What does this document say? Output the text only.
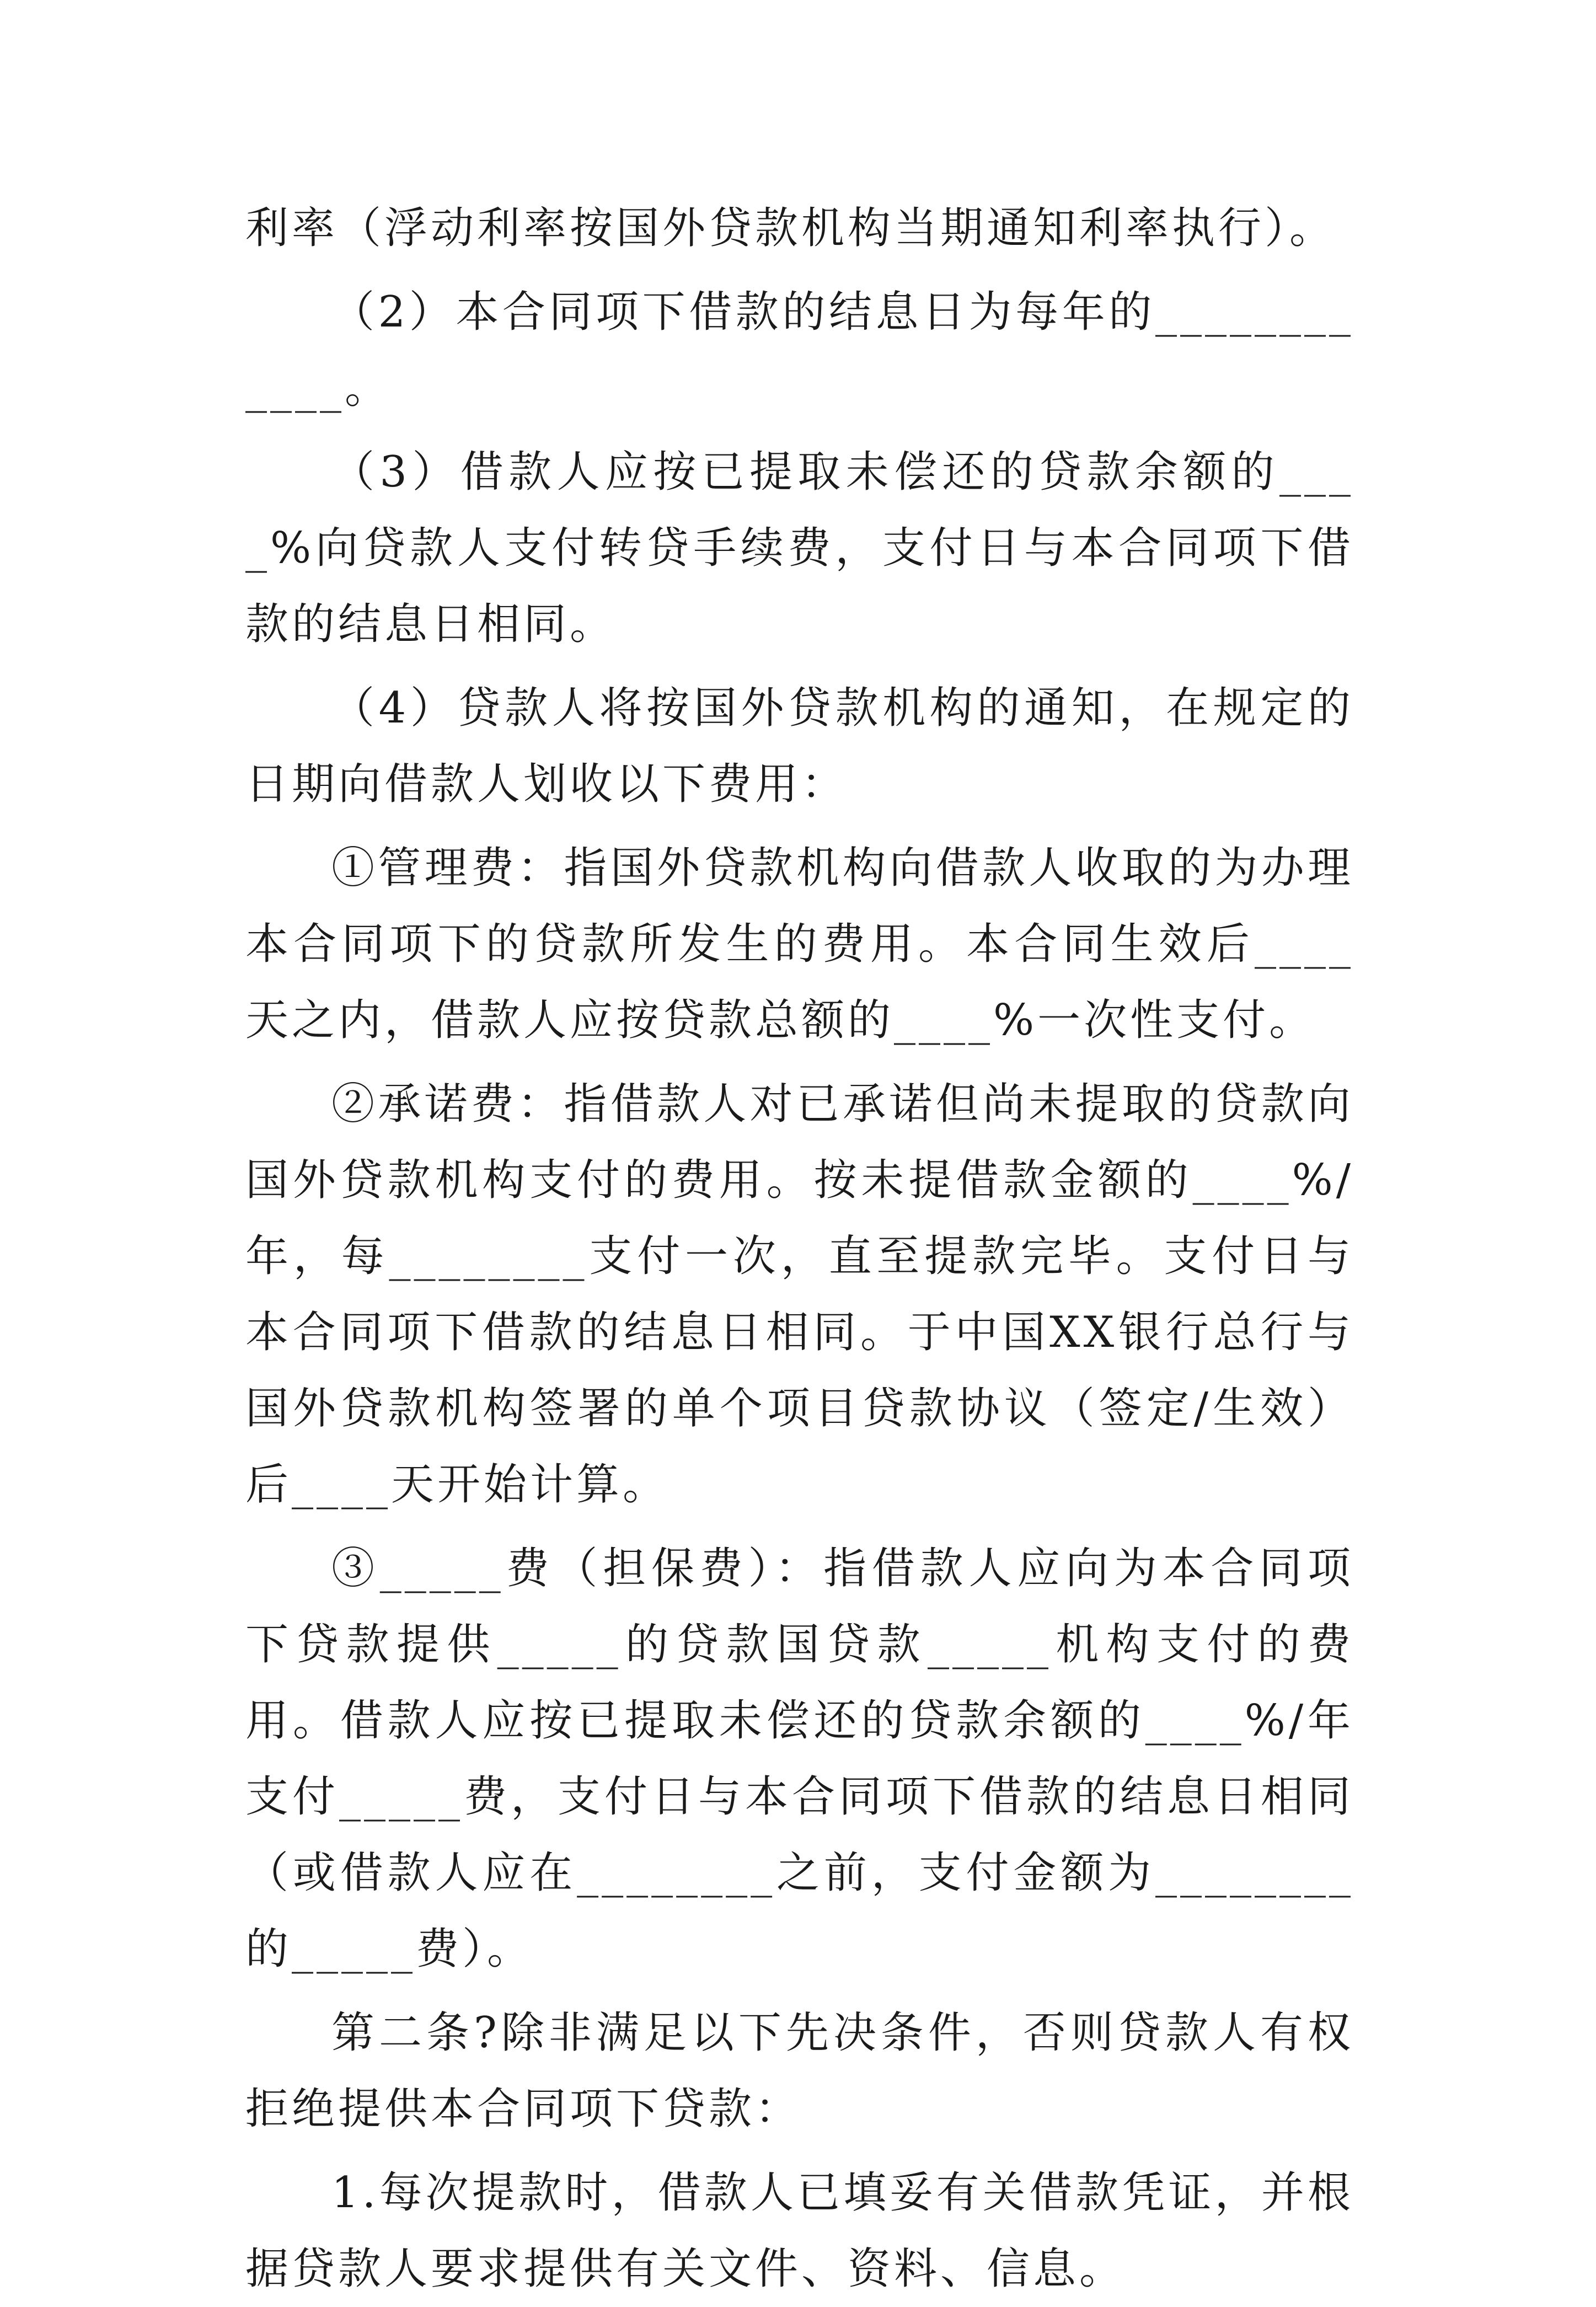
利率（浮动利率按国外贷款机构当期通知利率执行）。

（2）本合同项下借款的结息日为每年的____________。

（3）借款人应按已提取未偿还的贷款余额的____%向贷款人支付转贷手续费，支付日与本合同项下借款的结息日相同。

（4）贷款人将按国外贷款机构的通知，在规定的日期向借款人划收以下费用：

①管理费：指国外贷款机构向借款人收取的为办理本合同项下的贷款所发生的费用。本合同生效后____天之内，借款人应按贷款总额的____%一次性支付。

②承诺费：指借款人对已承诺但尚未提取的贷款向国外贷款机构支付的费用。按未提借款金额的____%/年，每________支付一次，直至提款完毕。支付日与本合同项下借款的结息日相同。于中国XX银行总行与国外贷款机构签署的单个项目贷款协议（签定/生效）后____天开始计算。

③_____费（担保费）：指借款人应向为本合同项下贷款提供_____的贷款国贷款_____机构支付的费用。借款人应按已提取未偿还的贷款余额的____%/年支付_____费，支付日与本合同项下借款的结息日相同（或借款人应在________之前，支付金额为________的_____费）。

第二条?除非满足以下先决条件，否则贷款人有权拒绝提供本合同项下贷款：

1.每次提款时，借款人已填妥有关借款凭证，并根据贷款人要求提供有关文件、资料、信息。
